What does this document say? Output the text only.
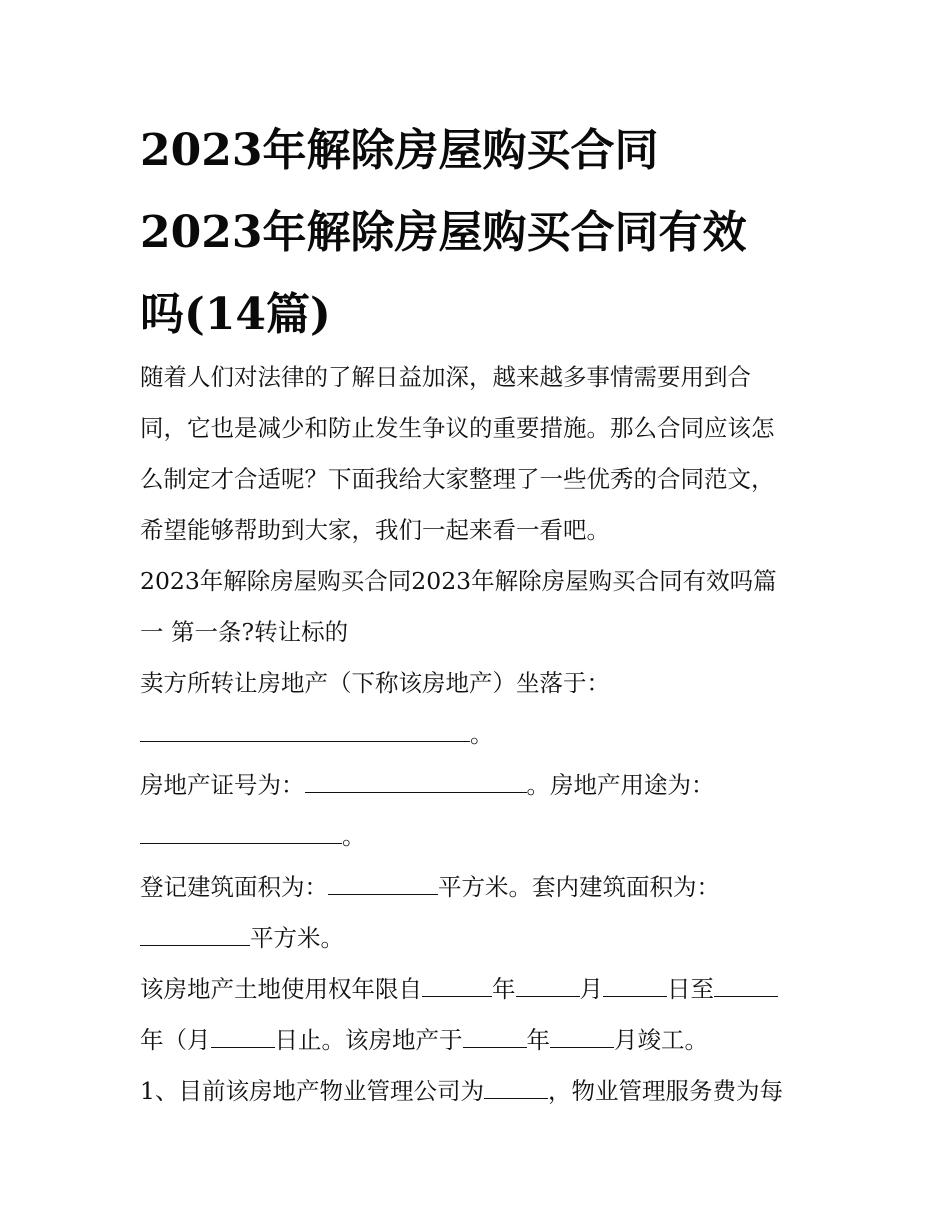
2023年解除房屋购买合同
2023年解除房屋购买合同有效
吗(14篇)
随着人们对法律的了解日益加深，越来越多事情需要用到合
同，它也是减少和防止发生争议的重要措施。那么合同应该怎
么制定才合适呢？下面我给大家整理了一些优秀的合同范文，
希望能够帮助到大家，我们一起来看一看吧。
2023年解除房屋购买合同2023年解除房屋购买合同有效吗篇
一 第一条?转让标的
卖方所转让房地产（下称该房地产）坐落于：
。
房地产证号为：	。房地产用途为：
。
登记建筑面积为：	平方米。套内建筑面积为：
平方米。
该房地产土地使用权年限自	年	月	日至
年（月	日止。该房地产于	年	月竣工。
1、目前该房地产物业管理公司为	，物业管理服务费为每
